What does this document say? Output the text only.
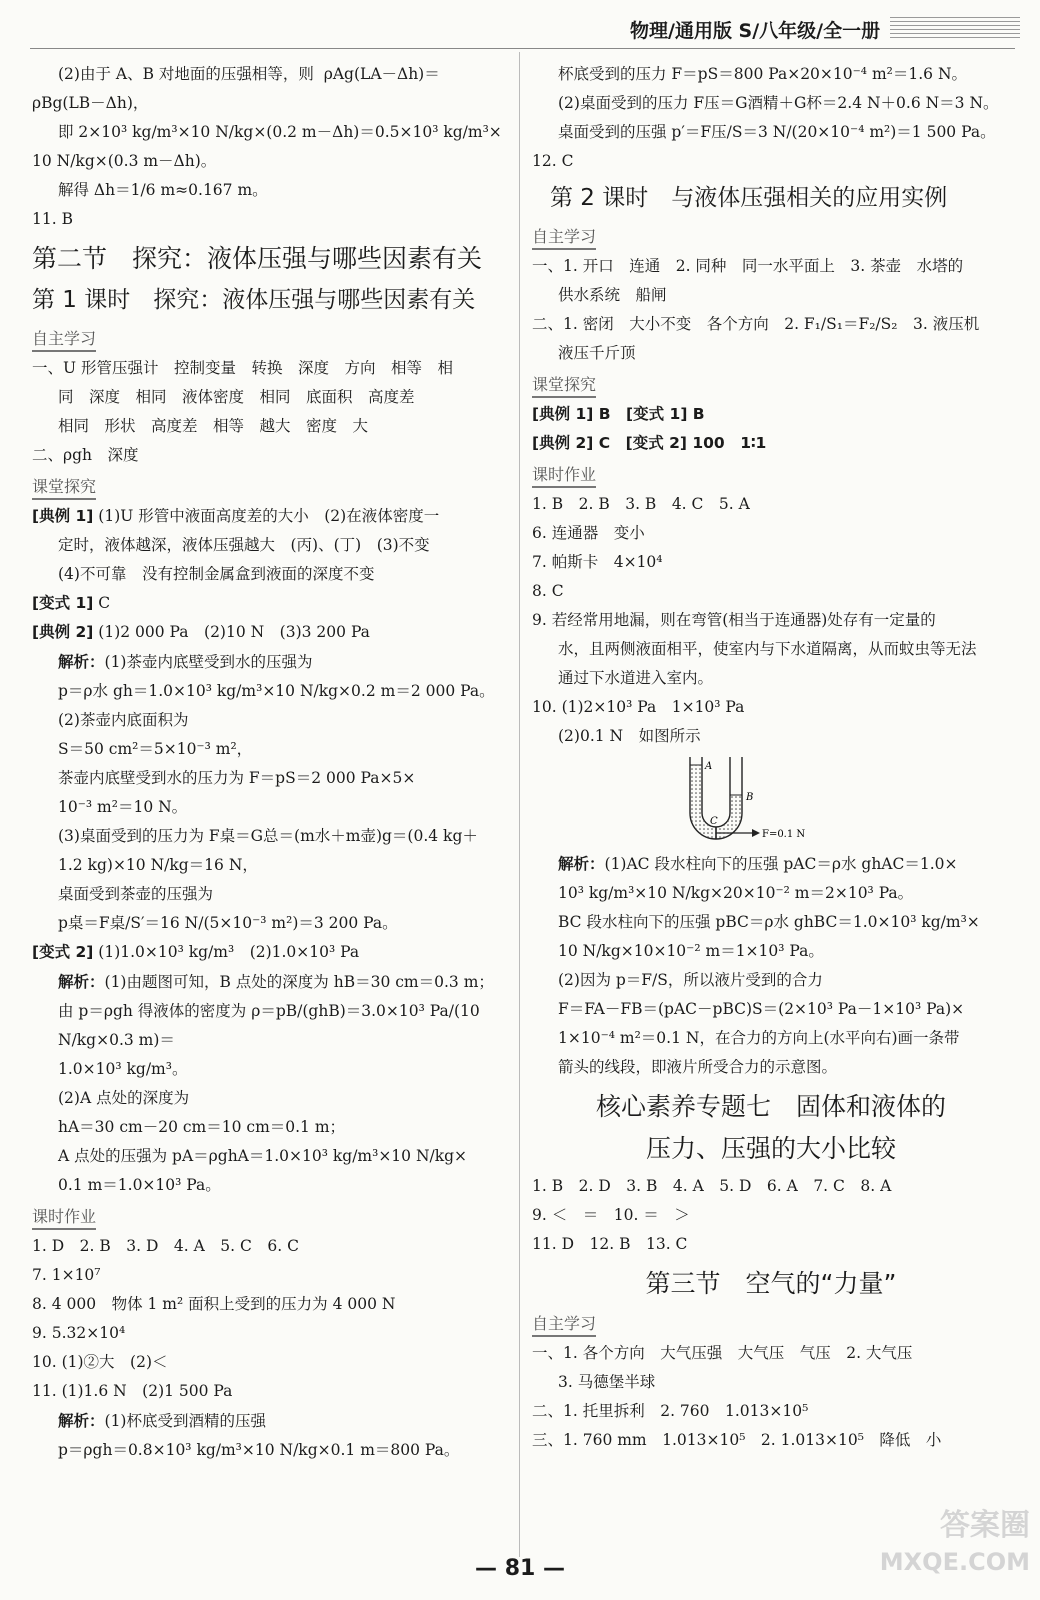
物理/通用版 S/八年级/全一册

(2)由于 A、B 对地面的压强相等，则  ρAg(LA－Δh)＝

ρBg(LB－Δh)，

即 2×10³ kg/m³×10 N/kg×(0.2 m－Δh)＝0.5×10³ kg/m³×

10 N/kg×(0.3 m－Δh)。

解得 Δh＝1/6 m≈0.167 m。

11. B

第二节　探究：液体压强与哪些因素有关

第 1 课时　探究：液体压强与哪些因素有关

自主学习

一、U 形管压强计　控制变量　转换　深度　方向　相等　相

同　深度　相同　液体密度　相同　底面积　高度差

相同　形状　高度差　相等　越大　密度　大

二、ρgh　深度

课堂探究

[典例 1] (1)U 形管中液面高度差的大小　(2)在液体密度一

定时，液体越深，液体压强越大　(丙)、(丁)　(3)不变

(4)不可靠　没有控制金属盒到液面的深度不变

[变式 1] C

[典例 2] (1)2 000 Pa　(2)10 N　(3)3 200 Pa

解析：(1)茶壶内底壁受到水的压强为

p＝ρ水 gh＝1.0×10³ kg/m³×10 N/kg×0.2 m＝2 000 Pa。

(2)茶壶内底面积为

S＝50 cm²＝5×10⁻³ m²，

茶壶内底壁受到水的压力为 F＝pS＝2 000 Pa×5×

10⁻³ m²＝10 N。

(3)桌面受到的压力为 F桌＝G总＝(m水＋m壶)g＝(0.4 kg＋

1.2 kg)×10 N/kg＝16 N，

桌面受到茶壶的压强为

p桌＝F桌/S′＝16 N/(5×10⁻³ m²)＝3 200 Pa。

[变式 2] (1)1.0×10³ kg/m³　(2)1.0×10³ Pa

解析：(1)由题图可知，B 点处的深度为 hB＝30 cm＝0.3 m；

由 p＝ρgh 得液体的密度为 ρ＝pB/(ghB)＝3.0×10³ Pa/(10 N/kg×0.3 m)＝

1.0×10³ kg/m³。

(2)A 点处的深度为

hA＝30 cm－20 cm＝10 cm＝0.1 m；

A 点处的压强为 pA＝ρghA＝1.0×10³ kg/m³×10 N/kg×

0.1 m＝1.0×10³ Pa。

课时作业

1. D　2. B　3. D　4. A　5. C　6. C

7. 1×10⁷

8. 4 000　物体 1 m² 面积上受到的压力为 4 000 N

9. 5.32×10⁴

10. (1)②大　(2)＜

11. (1)1.6 N　(2)1 500 Pa

解析：(1)杯底受到酒精的压强

p＝ρgh＝0.8×10³ kg/m³×10 N/kg×0.1 m＝800 Pa。

杯底受到的压力 F＝pS＝800 Pa×20×10⁻⁴ m²＝1.6 N。

(2)桌面受到的压力 F压＝G酒精＋G杯＝2.4 N＋0.6 N＝3 N。

桌面受到的压强 p′＝F压/S＝3 N/(20×10⁻⁴ m²)＝1 500 Pa。

12. C

第 2 课时　与液体压强相关的应用实例

自主学习

一、1. 开口　连通　2. 同种　同一水平面上　3. 茶壶　水塔的

供水系统　船闸

二、1. 密闭　大小不变　各个方向　2. F₁/S₁＝F₂/S₂　3. 液压机

液压千斤顶

课堂探究

[典例 1] B　[变式 1] B

[典例 2] C　[变式 2] 100　1∶1

课时作业

1. B　2. B　3. B　4. C　5. A

6. 连通器　变小

7. 帕斯卡　4×10⁴

8. C

9. 若经常用地漏，则在弯管(相当于连通器)处存有一定量的

水，且两侧液面相平，使室内与下水道隔离，从而蚊虫等无法

通过下水道进入室内。

10. (1)2×10³ Pa　1×10³ Pa

(2)0.1 N　如图所示

A
B
C
F=0.1 N

解析：(1)AC 段水柱向下的压强 pAC＝ρ水 ghAC＝1.0×

10³ kg/m³×10 N/kg×20×10⁻² m＝2×10³ Pa。

BC 段水柱向下的压强 pBC＝ρ水 ghBC＝1.0×10³ kg/m³×

10 N/kg×10×10⁻² m＝1×10³ Pa。

(2)因为 p＝F/S，所以液片受到的合力

F＝FA－FB＝(pAC－pBC)S＝(2×10³ Pa－1×10³ Pa)×

1×10⁻⁴ m²＝0.1 N，在合力的方向上(水平向右)画一条带

箭头的线段，即液片所受合力的示意图。

核心素养专题七　固体和液体的

压力、压强的大小比较

1. B　2. D　3. B　4. A　5. D　6. A　7. C　8. A

9. ＜　＝　10. ＝　＞

11. D　12. B　13. C

第三节　空气的“力量”

自主学习

一、1. 各个方向　大气压强　大气压　气压　2. 大气压

3. 马德堡半球

二、1. 托里拆利　2. 760　1.013×10⁵

三、1. 760 mm　1.013×10⁵　2. 1.013×10⁵　降低　小

— 81 —
答案圈
MXQE.COM
